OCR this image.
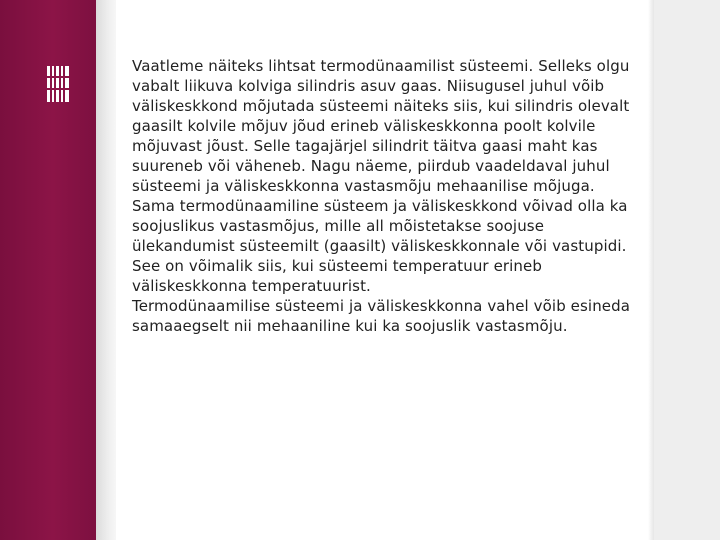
Vaatleme näiteks lihtsat termodünaamilist süsteemi. Selleks olgu vabalt liikuva kolviga silindris asuv gaas. Niisugusel juhul võib väliskeskkond mõjutada süsteemi näiteks siis, kui silindris olevalt gaasilt kolvile mõjuv jõud erineb väliskeskkonna poolt kolvile mõjuvast jõust. Selle tagajärjel silindrit täitva gaasi maht kas suureneb või väheneb. Nagu näeme, piirdub vaadeldaval juhul süsteemi ja väliskeskkonna vastasmõju mehaanilise mõjuga.

Sama termodünaamiline süsteem ja väliskeskkond võivad olla ka soojuslikus vastasmõjus, mille all mõistetakse soojuse ülekandumist süsteemilt (gaasilt) väliskeskkonnale või vastupidi. See on võimalik siis, kui süsteemi temperatuur erineb väliskeskkonna temperatuurist.

Termodünaamilise süsteemi ja väliskeskkonna vahel võib esineda samaaegselt nii mehaaniline kui ka soojuslik vastasmõju.
